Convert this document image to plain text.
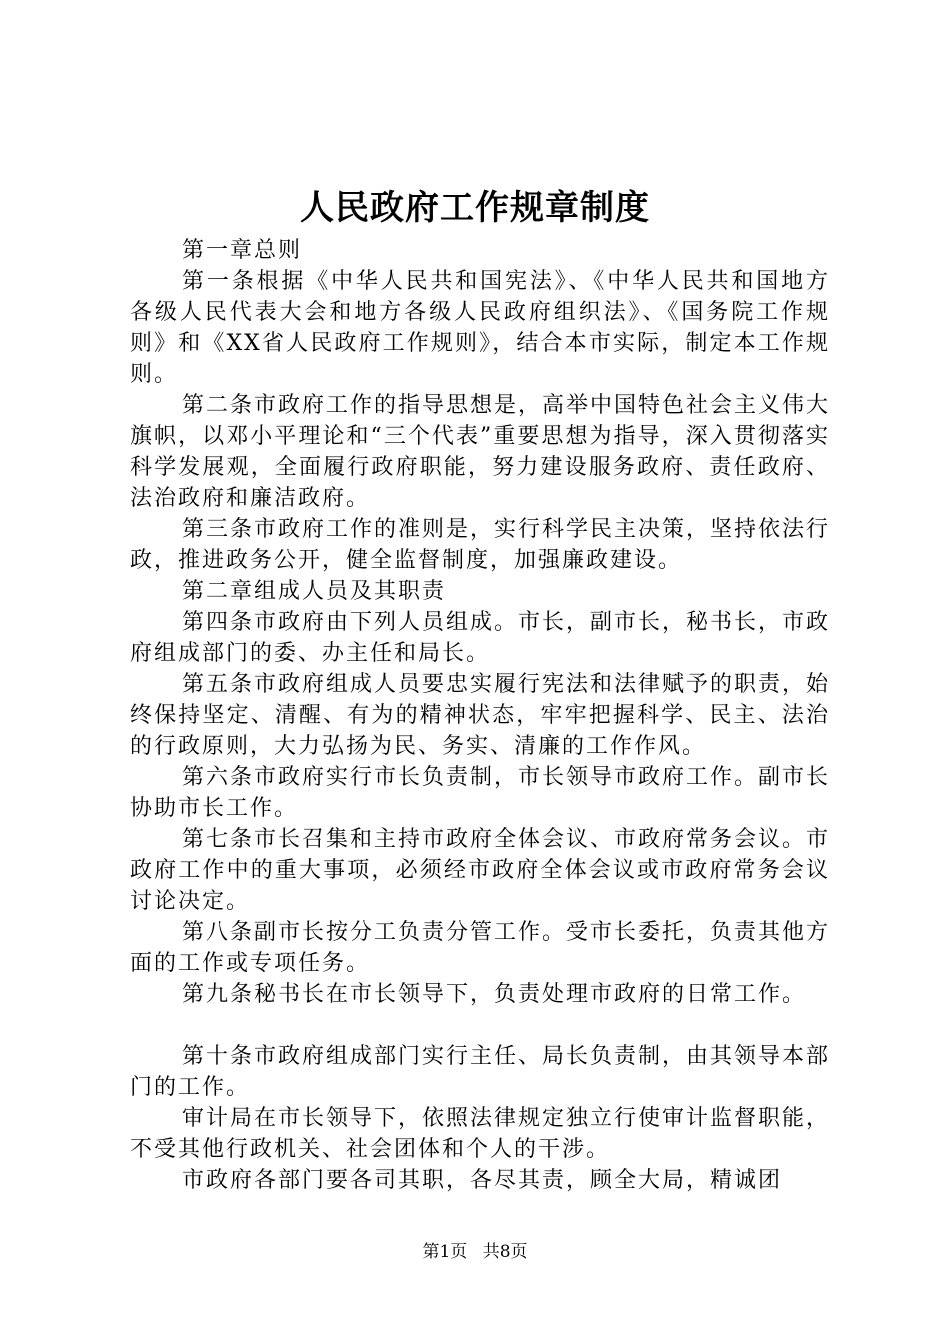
人民政府工作规章制度

第一章总则

第一条根据《中华人民共和国宪法》、《中华人民共和国地方各级人民代表大会和地方各级人民政府组织法》、《国务院工作规则》和《XX省人民政府工作规则》，结合本市实际，制定本工作规则。

第二条市政府工作的指导思想是，高举中国特色社会主义伟大旗帜，以邓小平理论和“三个代表”重要思想为指导，深入贯彻落实科学发展观，全面履行政府职能，努力建设服务政府、责任政府、法治政府和廉洁政府。

第三条市政府工作的准则是，实行科学民主决策，坚持依法行政，推进政务公开，健全监督制度，加强廉政建设。

第二章组成人员及其职责

第四条市政府由下列人员组成。市长，副市长，秘书长，市政府组成部门的委、办主任和局长。

第五条市政府组成人员要忠实履行宪法和法律赋予的职责，始终保持坚定、清醒、有为的精神状态，牢牢把握科学、民主、法治的行政原则，大力弘扬为民、务实、清廉的工作作风。

第六条市政府实行市长负责制，市长领导市政府工作。副市长协助市长工作。

第七条市长召集和主持市政府全体会议、市政府常务会议。市政府工作中的重大事项，必须经市政府全体会议或市政府常务会议讨论决定。

第八条副市长按分工负责分管工作。受市长委托，负责其他方面的工作或专项任务。

第九条秘书长在市长领导下，负责处理市政府的日常工作。

第十条市政府组成部门实行主任、局长负责制，由其领导本部门的工作。

审计局在市长领导下，依照法律规定独立行使审计监督职能，不受其他行政机关、社会团体和个人的干涉。

市政府各部门要各司其职，各尽其责，顾全大局，精诚团

第1页 共8页
